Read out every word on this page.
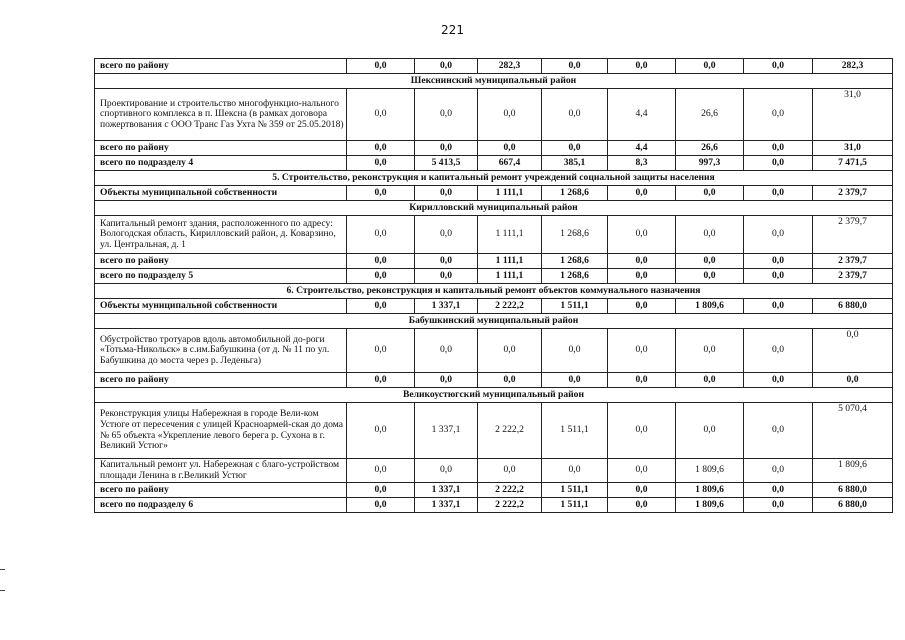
221
всего по району	0,0	0,0	282,3	0,0	0,0	0,0	0,0	282,3
Шекснинский муниципальный район								
Проектирование и строительство многофункцио-нального спортивного комплекса в п. Шексна (в рамках договора пожертвования с ООО Транс Газ Ухта № 359 от 25.05.2018)	0,0	0,0	0,0	0,0	4,4	26,6	0,0	31,0
всего по району	0,0	0,0	0,0	0,0	4,4	26,6	0,0	31,0
всего по подразделу 4	0,0	5 413,5	667,4	385,1	8,3	997,3	0,0	7 471,5
5. Строительство, реконструкция и капитальный ремонт учреждений социальной защиты населения								
Объекты муниципальной собственности	0,0	0,0	1 111,1	1 268,6	0,0	0,0	0,0	2 379,7
Кирилловский муниципальный район								
Капитальный ремонт здания, расположенного по адресу: Вологодская область, Кирилловский район, д. Коварзино, ул. Центральная, д. 1	0,0	0,0	1 111,1	1 268,6	0,0	0,0	0,0	2 379,7
всего по району	0,0	0,0	1 111,1	1 268,6	0,0	0,0	0,0	2 379,7
всего по подразделу 5	0,0	0,0	1 111,1	1 268,6	0,0	0,0	0,0	2 379,7
6. Строительство, реконструкция и капитальный ремонт объектов коммунального назначения								
Объекты муниципальной собственности	0,0	1 337,1	2 222,2	1 511,1	0,0	1 809,6	0,0	6 880,0
Бабушкинский муниципальный район								
Обустройство тротуаров вдоль автомобильной до-роги «Тотьма-Никольск» в с.им.Бабушкина (от д. № 11 по ул. Бабушкина до моста через р. Леденьга)	0,0	0,0	0,0	0,0	0,0	0,0	0,0	0,0
всего по району	0,0	0,0	0,0	0,0	0,0	0,0	0,0	0,0
Великоустюгский муниципальный район								
Реконструкция улицы Набережная в городе Вели-ком Устюге от пересечения с улицей Красноармей-ская до дома № 65 объекта «Укрепление левого берега р. Сухона в г. Великий Устюг»	0,0	1 337,1	2 222,2	1 511,1	0,0	0,0	0,0	5 070,4
Капитальный ремонт ул. Набережная с благо-устройством площади Ленина в г.Великий Устюг	0,0	0,0	0,0	0,0	0,0	1 809,6	0,0	1 809,6
всего по району	0,0	1 337,1	2 222,2	1 511,1	0,0	1 809,6	0,0	6 880,0
всего по подразделу 6	0,0	1 337,1	2 222,2	1 511,1	0,0	1 809,6	0,0	6 880,0
